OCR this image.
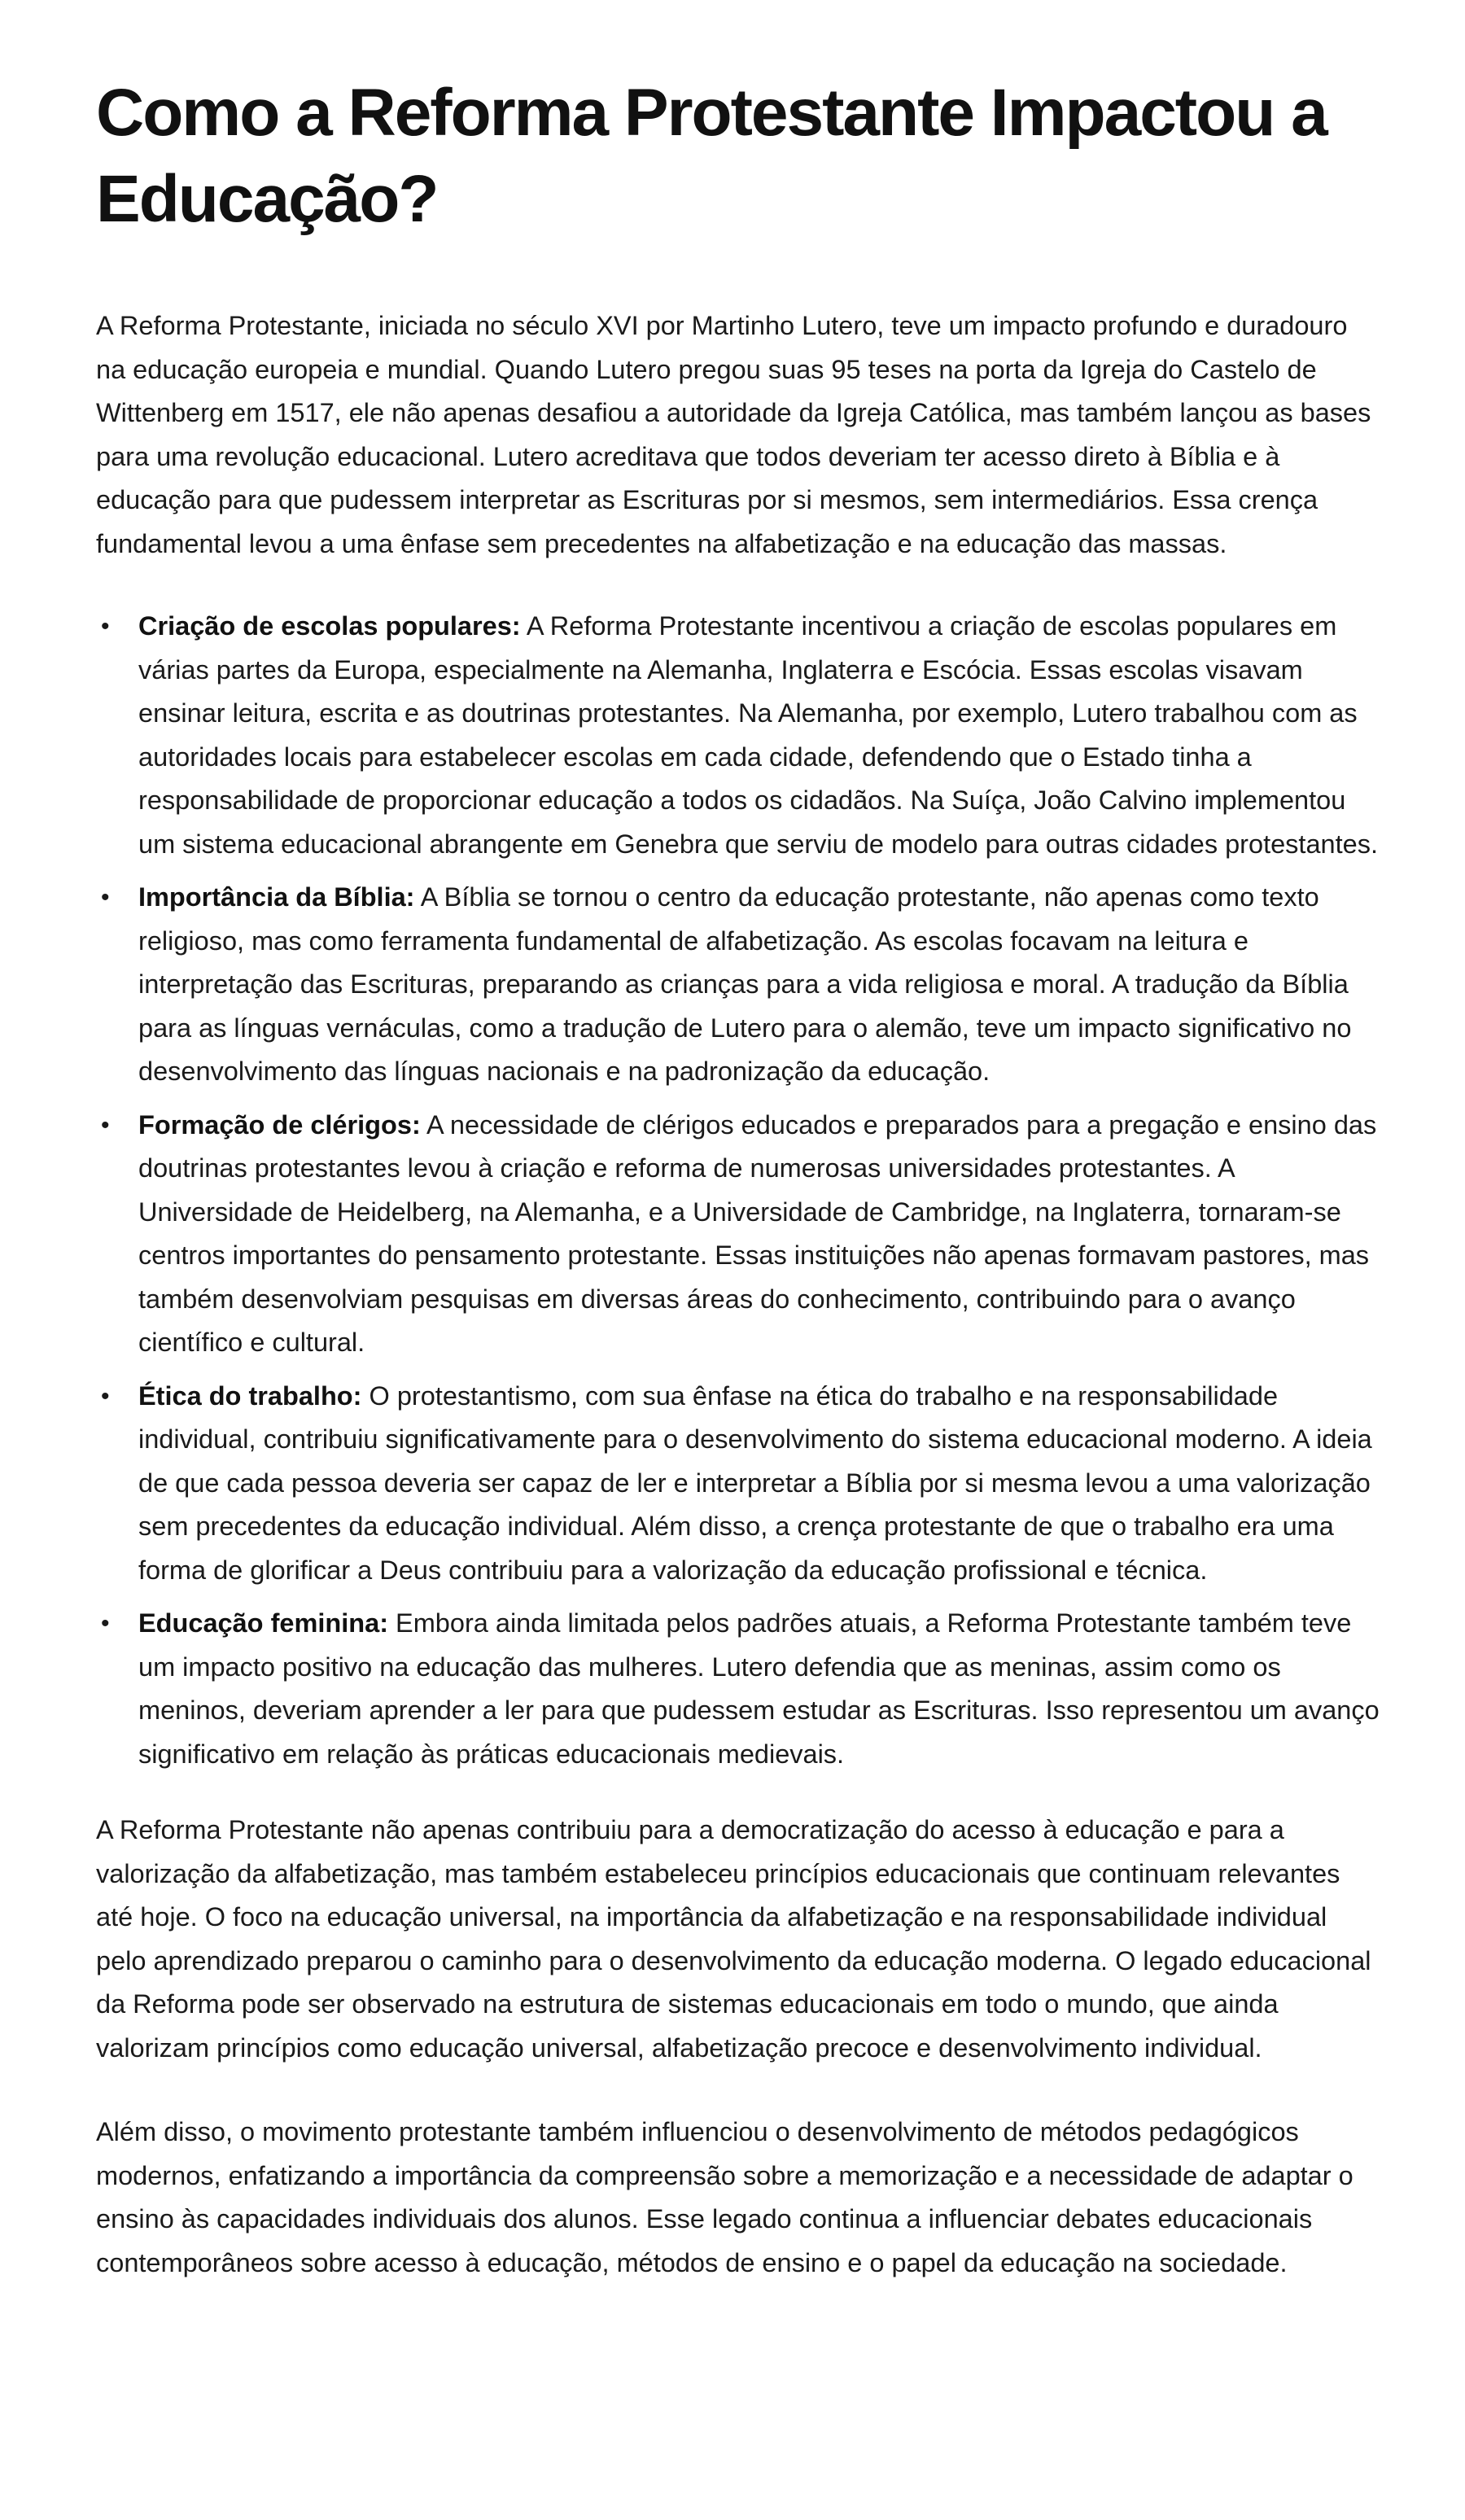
Como a Reforma Protestante Impactou a Educação?

A Reforma Protestante, iniciada no século XVI por Martinho Lutero, teve um impacto profundo e duradouro na educação europeia e mundial. Quando Lutero pregou suas 95 teses na porta da Igreja do Castelo de Wittenberg em 1517, ele não apenas desafiou a autoridade da Igreja Católica, mas também lançou as bases para uma revolução educacional. Lutero acreditava que todos deveriam ter acesso direto à Bíblia e à educação para que pudessem interpretar as Escrituras por si mesmos, sem intermediários. Essa crença fundamental levou a uma ênfase sem precedentes na alfabetização e na educação das massas.

• Criação de escolas populares: A Reforma Protestante incentivou a criação de escolas populares em várias partes da Europa, especialmente na Alemanha, Inglaterra e Escócia. Essas escolas visavam ensinar leitura, escrita e as doutrinas protestantes. Na Alemanha, por exemplo, Lutero trabalhou com as autoridades locais para estabelecer escolas em cada cidade, defendendo que o Estado tinha a responsabilidade de proporcionar educação a todos os cidadãos. Na Suíça, João Calvino implementou um sistema educacional abrangente em Genebra que serviu de modelo para outras cidades protestantes.
• Importância da Bíblia: A Bíblia se tornou o centro da educação protestante, não apenas como texto religioso, mas como ferramenta fundamental de alfabetização. As escolas focavam na leitura e interpretação das Escrituras, preparando as crianças para a vida religiosa e moral. A tradução da Bíblia para as línguas vernáculas, como a tradução de Lutero para o alemão, teve um impacto significativo no desenvolvimento das línguas nacionais e na padronização da educação.
• Formação de clérigos: A necessidade de clérigos educados e preparados para a pregação e ensino das doutrinas protestantes levou à criação e reforma de numerosas universidades protestantes. A Universidade de Heidelberg, na Alemanha, e a Universidade de Cambridge, na Inglaterra, tornaram-se centros importantes do pensamento protestante. Essas instituições não apenas formavam pastores, mas também desenvolviam pesquisas em diversas áreas do conhecimento, contribuindo para o avanço científico e cultural.
• Ética do trabalho: O protestantismo, com sua ênfase na ética do trabalho e na responsabilidade individual, contribuiu significativamente para o desenvolvimento do sistema educacional moderno. A ideia de que cada pessoa deveria ser capaz de ler e interpretar a Bíblia por si mesma levou a uma valorização sem precedentes da educação individual. Além disso, a crença protestante de que o trabalho era uma forma de glorificar a Deus contribuiu para a valorização da educação profissional e técnica.
• Educação feminina: Embora ainda limitada pelos padrões atuais, a Reforma Protestante também teve um impacto positivo na educação das mulheres. Lutero defendia que as meninas, assim como os meninos, deveriam aprender a ler para que pudessem estudar as Escrituras. Isso representou um avanço significativo em relação às práticas educacionais medievais.

A Reforma Protestante não apenas contribuiu para a democratização do acesso à educação e para a valorização da alfabetização, mas também estabeleceu princípios educacionais que continuam relevantes até hoje. O foco na educação universal, na importância da alfabetização e na responsabilidade individual pelo aprendizado preparou o caminho para o desenvolvimento da educação moderna. O legado educacional da Reforma pode ser observado na estrutura de sistemas educacionais em todo o mundo, que ainda valorizam princípios como educação universal, alfabetização precoce e desenvolvimento individual.

Além disso, o movimento protestante também influenciou o desenvolvimento de métodos pedagógicos modernos, enfatizando a importância da compreensão sobre a memorização e a necessidade de adaptar o ensino às capacidades individuais dos alunos. Esse legado continua a influenciar debates educacionais contemporâneos sobre acesso à educação, métodos de ensino e o papel da educação na sociedade.
